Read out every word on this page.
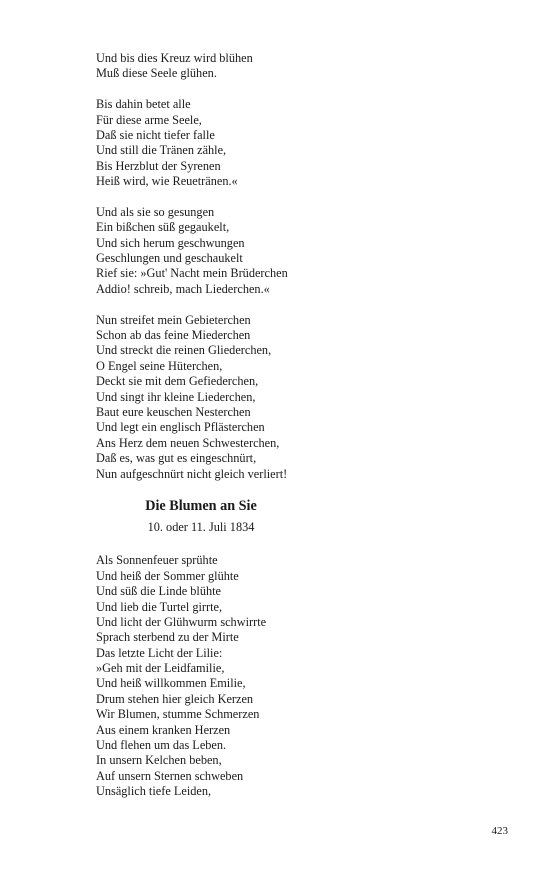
Und bis dies Kreuz wird blühen
Muß diese Seele glühen.
Bis dahin betet alle
Für diese arme Seele,
Daß sie nicht tiefer falle
Und still die Tränen zähle,
Bis Herzblut der Syrenen
Heiß wird, wie Reuetränen.«
Und als sie so gesungen
Ein bißchen süß gegaukelt,
Und sich herum geschwungen
Geschlungen und geschaukelt
Rief sie: »Gut' Nacht mein Brüderchen
Addio! schreib, mach Liederchen.«
Nun streifet mein Gebieterchen
Schon ab das feine Miederchen
Und streckt die reinen Gliederchen,
O Engel seine Hüterchen,
Deckt sie mit dem Gefiederchen,
Und singt ihr kleine Liederchen,
Baut eure keuschen Nesterchen
Und legt ein englisch Pflästerchen
Ans Herz dem neuen Schwesterchen,
Daß es, was gut es eingeschnürt,
Nun aufgeschnürt nicht gleich verliert!
Die Blumen an Sie
10. oder 11. Juli 1834
Als Sonnenfeuer sprühte
Und heiß der Sommer glühte
Und süß die Linde blühte
Und lieb die Turtel girrte,
Und licht der Glühwurm schwirrte
Sprach sterbend zu der Mirte
Das letzte Licht der Lilie:
»Geh mit der Leidfamilie,
Und heiß willkommen Emilie,
Drum stehen hier gleich Kerzen
Wir Blumen, stumme Schmerzen
Aus einem kranken Herzen
Und flehen um das Leben.
In unsern Kelchen beben,
Auf unsern Sternen schweben
Unsäglich tiefe Leiden,
423
